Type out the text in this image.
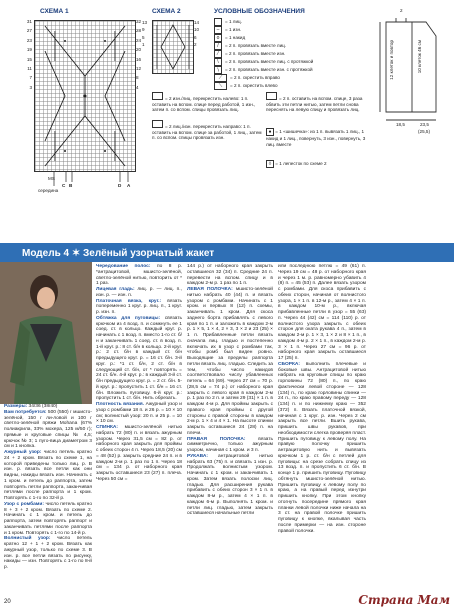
СХЕМА 1	СХЕМА 2	УСЛОВНЫЕ ОБОЗНАЧЕНИЯ
31
27
23
19
15
11
7
3
32
28
24
20
16
12
8
4
MS
C B	D A
середина
14
10
6
2
13
9
5
1
= 1 лиц.
–	= 1 изн.
o	= 1 накид
/	= 2 п. провязать вместе лиц.
⁄	= 2 п. провязать вместе изн.
\	= 2 п. провязать вместе лиц. с протяжкой
∖	= 2 п. провязать вместе изн. с протяжкой
⟋	= 2 п. скрестить вправо
⟍	= 2 п. скрестить влево
= 2 изн./лиц. перекрестить налево: 1 п. оставить на вспом. спице перед работой, 1 изн., затем п. со вспом. спицы провязать лиц.
= 2 лиц./изн. перекрестить направо: 1 п. оставить на вспом. спице за работой, 1 лиц., затем п. со вспом. спицы провязать изн.
= 2 п. оставить на вспом. спице, 3 раза обвить эти петли нитью, затем петли снова переснять на левую спицу и провязать лиц.
● = 1 «шишечка»: из 1 п. вывязать 1 лиц., 1 накид и 1 лиц., повернуть, 3 изн., повернуть, 3 лиц. вместе
◊ = 1 лепесток по схеме 2
12 клеток и повтор	10 клеток 46 см
2
18,5	23,5
(25,5)
Модель 4 ✶ Зелёный узорчатый жакет
Размеры: 34/36 (38/40)
Вам потребуется: 500 (550) г мшисто-зелёной, 150 г ли-ловой и 100 г светло-зелёной пряжи Mohana (67% полиакрила, 33% мохера, 125 м/50 г); прямые и круговые спицы № 4,5; крючок № 3; 1 пуго-вица диаметром 3 см и 1 кнопка.
Ажурный узор: число петель кратно 24 + 2 кром. Вязать по схеме 1, на которой приведены только лиц. р. В изн. р. вязать все петли как они видны, накиды вязать изн. Начинать с 1 кром. и петель до раппорта, затем повторять петли раппорта, заканчивая петлями после раппорта и 1 кром. Повторять с 1-го по 32-й р.
Узор с ромбами: число петель кратно 8 + 3 + 2 кром. Вязать по схеме 2. Начинать с 1 кром. и петель до раппорта, затем повторять раппорт и заканчивать петлями после раппорта и 1 кром. Повторять с 1-го по 14-й р.
Волнистый узор: число петель кратно 12 + 1 + 2 кром. Вязать как ажурный узор, только по схеме 3. В изн. р. все петли вязать по рисунку, накиды — изн. Повторять с 1-го по 8-й р.
Чередование полос: по 8 р. *антрацитовой, мшисто-зелёной, светло-зелёной нитью, повторить от * 1 раз.
Лицевая гладь: лиц. р. — лиц. п., изн. р. — изн. п.
Платочная вязка, круг.: вязать попеременно 1 круг. р. лиц. п., 1 круг. р. изн. п.
Обтяжка для пуговицы: связать крючком из 4 возд. п. и сомкнуть ее 1 соед. ст. в кольцо. Каждый круг. р. начинать с 1 возд. п. вместо 1-го ст. б/н и заканчивать 1 соед. ст. в возд. п. 1-й круг. р.: 8 ст. б/н в кольцо. 2-й круг. р.: 2 ст. б/н в каждый ст. б/н предыдущего круг. р. = 16 ст. б/н. 3-й круг. р.: *1 ст. б/н, 2 ст. б/н в следующий ст. б/н, от * повторять = 24 ст. б/н. 4-й круг. р.: в каждый 3-й ст. б/н предыдущего круг. р. = 2 ст. б/н. 5-й круг. р.: пропустить 1 ст. б/н = 16 ст. б/н. Вложить пуговицу. 6-й круг. р.: пропустить 1 ст. б/н. Нить обрезать.
Плотность вязания. Ажурный узор и узор с ромбами 18 п. и 26 р. = 10 × 10 см; волнистый узор: 20 п. и 25 р. = 10 × 10 см.
СПИНКА: мшисто-зелёной нитью набрать 72 (80) п. и вязать ажурным узором. Через 31,5 см = 82 р. от наборного края закрыть для проймы с обеих сторон 4 п. Через 18,5 (20) см = 48 (52) р. закрыть средние 24 п. и в каждом 2-м р. 1 раз по 1 п. Через 18 см = 134 р. от наборного края закрыть оставшиеся 23 (27) п. плеча. Через 50 см =
144 р.) от наборного края закрыть оставшиеся 32 (34) п. Средние 24 п. перевести на вспом. спицу и в каждом 2-м р. 1 раз по 1 п.
ЛЕВАЯ ПОЛОЧКА: мшисто-зелёной нитью набрать 40 (44) п. и вязать узором с ромбами. Начинать с 1 кром. и первых 8 (12) п. схемы, заканчивать 1 кром. Для скоса заднего борта прибавлять с левого края по 1 п. и заложить в каждом 2-м р. 1 × 5, 1 × 4, 2 × 3, 3 × 2 и 23 (25) × 1 п. Прибавленные петли вязать сначала лиц. гладью и постепенно включать их в узор с ромбами так, чтобы ромб был виден ровно. Выходящие за пределы раппорта петли вязать лиц. гладью. Следить за тем, чтобы число накидов соответствовало числу убавленных петель = 64 (69). Через 27 см = 70 р. (28,5 см = 74 р.) от наборного края закрыть с левого края в каждом 2-м р. 1 раз по 2 п. и затем 29 (31) × 1 п. в каждом 4-м р. Для проймы закрыть с правого края проймы с другой стороны с правой стороны в каждом 2-м р. 1 × 4 и 4 × 1. На высоте спинки закрыть оставшиеся 24 (28) п. на плечи.
ПРАВАЯ ПОЛОЧКА: вязать симметрично, только ажурным узором, начиная с 1 кром. и 3 п.
РУКАВА: антрацитовой нитью набрать 63 (75) п. и связать 1 изн. р. Продолжать волнистым узором. Начинать с 1 кром. и заканчивать 1 кром. Затем вязать полоски лиц. гладью. Для расширения рукава прибавить с обеих сторон 3 × 1 п. в каждом 8-м р., затем 4 × 1 п. в каждом 6-м р. Выполнять 1 кром. и петли лиц. гладью, затем закрыть оставшиеся начальные петли
или последнюю петлю = 49 (61) п. Через 19 см = 48 р. от наборного края и через 1 м. р. равномерно убавить 4 (8) п. = 45 (53) п. Далее вязать узором с ромбами. Для скоса прибавить с обеих сторон, начиная от волнистого узора, 1 × 1 п. в 12-м р., затем 4 × 1 п. в каждом 10-м р., включая прибавленные петли в узор = 55 (63) п. Через 44 (42) см = 114 (110) р. от волнистого узора закрыть с обеих сторон для оката рукава 4 п., затем в каждом 2-м р. 1 × 3, 1 × 2 и 8 × 1 п., в каждом 4-м р. 2 × 1 п., в каждом 2-м р. 3 × 1 п. Через 27 см = 96 р. от наборного края закрыть оставшиеся 17 (25) п.
СБОРКА: выполнить плечевые и боковые швы. Антрацитовой нитью набрать на круговые спицы по краю горловины 72 (80) п., по краю фактически левой стороне — 128 (134) п., по краю горловины спинки — 24 п., по краю правому переду — 128 (134) п. и по нижнему краю — 352 (372) п. Вязать платочной вязкой, начиная с 1 круг. р. изн. Через 2 см закрыть все петли. Вшить рукава, пришить швы рукавов, при необходимости слегка проверяя пласт. Пришить пуговицу к левому полу. На правую полочку пришить антрацитовую нить и вывязать крючком 1 р. ст. б/н с петлей для пуговицы: на срезе собрать спицу из 13 возд. п. и пропустить 6 ст. б/н. В конце 1 р. пришить пуговицу. Пуговицу обтянуть мшисто-зелёной нитью. Пришить пуговицу к левому полу по краю, а на правый перед изнутри пришить кнопку. При этом кнопку отогнуть посередине прямого края планки левой полочки ниже начала на 3 ст. на правой полочке пришить пуговицу к кнопке, вкалывая часть после примерки — на изн. стороне правой полочки.
20	Страна Мам
